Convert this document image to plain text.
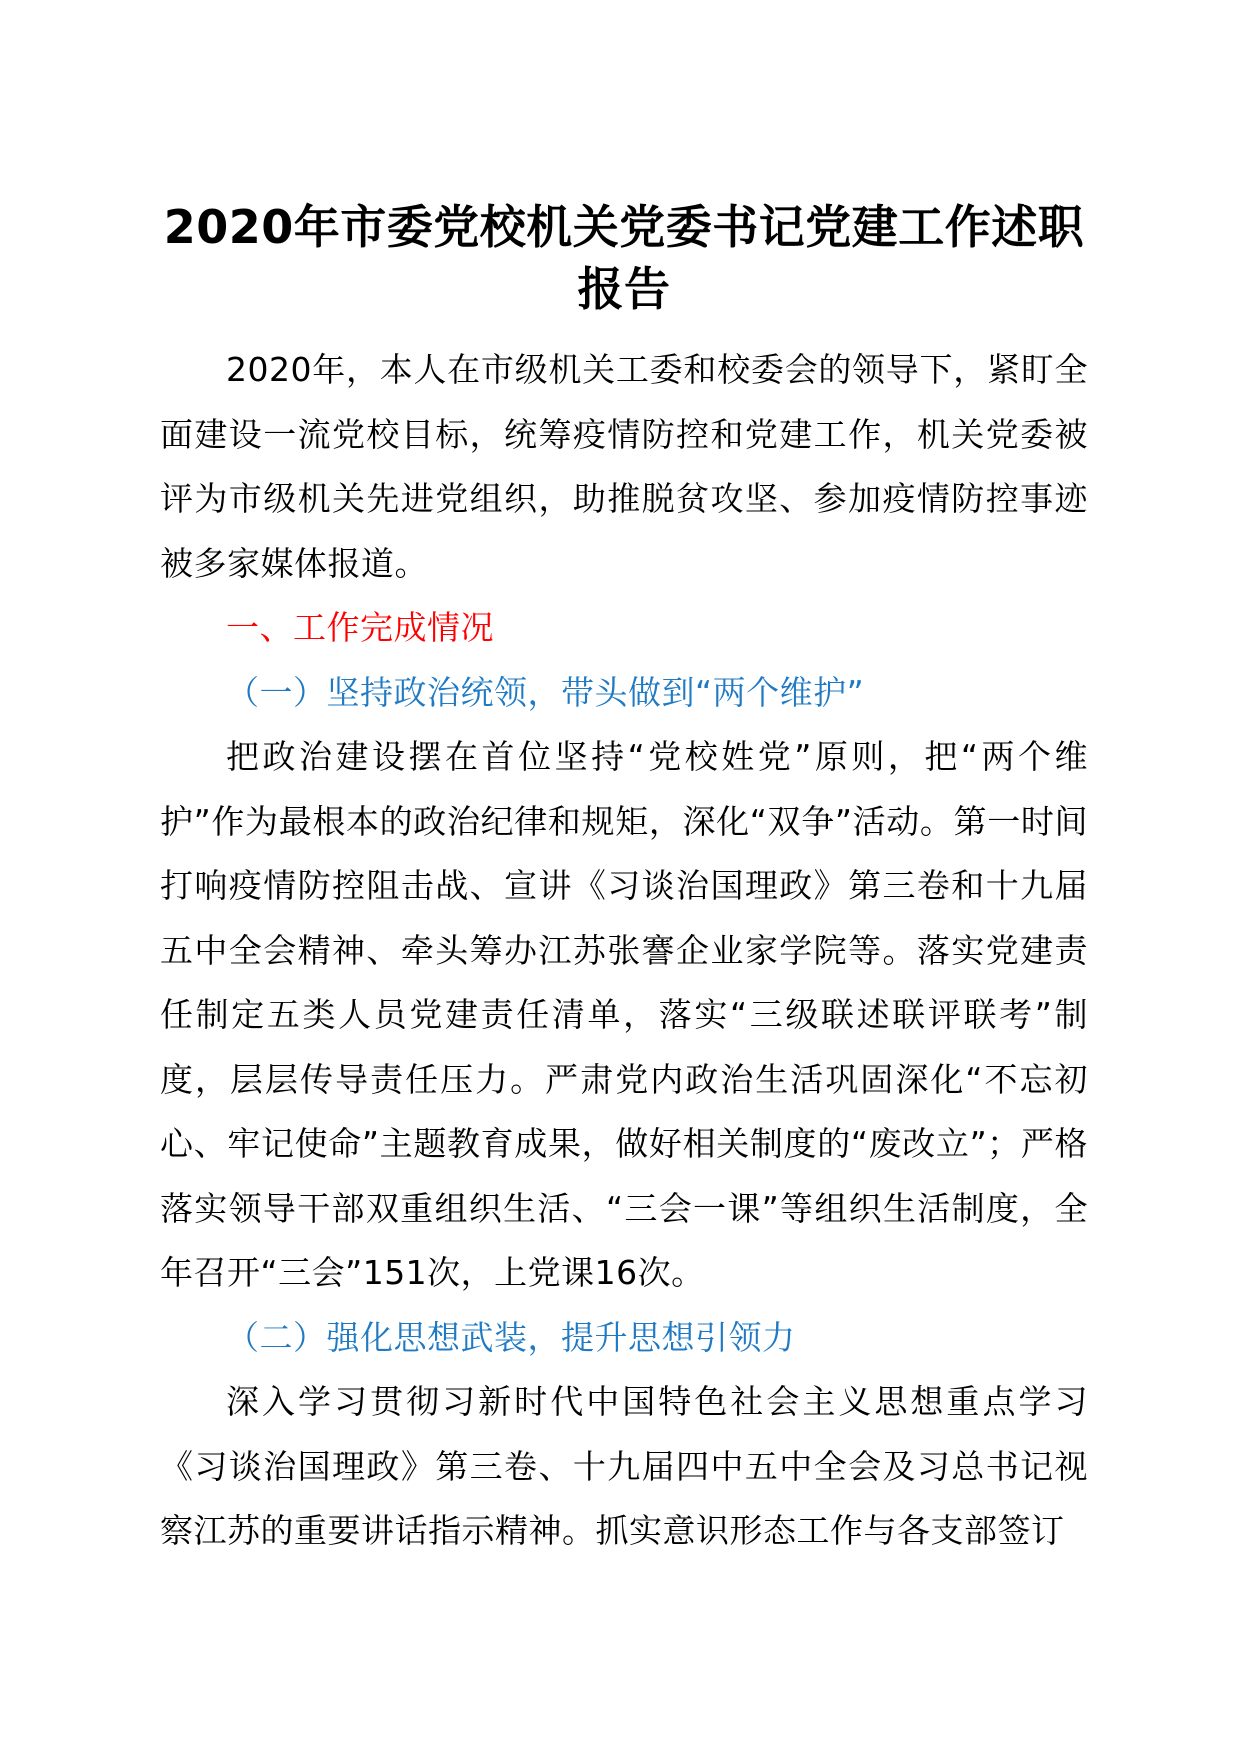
2020年市委党校机关党委书记党建工作述职报告

2020年，本人在市级机关工委和校委会的领导下，紧盯全面建设一流党校目标，统筹疫情防控和党建工作，机关党委被评为市级机关先进党组织，助推脱贫攻坚、参加疫情防控事迹被多家媒体报道。

一、工作完成情况

（一）坚持政治统领，带头做到“两个维护”

把政治建设摆在首位坚持“党校姓党”原则，把“两个维护”作为最根本的政治纪律和规矩，深化“双争”活动。第一时间打响疫情防控阻击战、宣讲《习谈治国理政》第三卷和十九届五中全会精神、牵头筹办江苏张謇企业家学院等。落实党建责任制定五类人员党建责任清单，落实“三级联述联评联考”制度，层层传导责任压力。严肃党内政治生活巩固深化“不忘初心、牢记使命”主题教育成果，做好相关制度的“废改立”；严格落实领导干部双重组织生活、“三会一课”等组织生活制度，全年召开“三会”151次，上党课16次。

（二）强化思想武装，提升思想引领力

深入学习贯彻习新时代中国特色社会主义思想重点学习《习谈治国理政》第三卷、十九届四中五中全会及习总书记视察江苏的重要讲话指示精神。抓实意识形态工作与各支部签订
